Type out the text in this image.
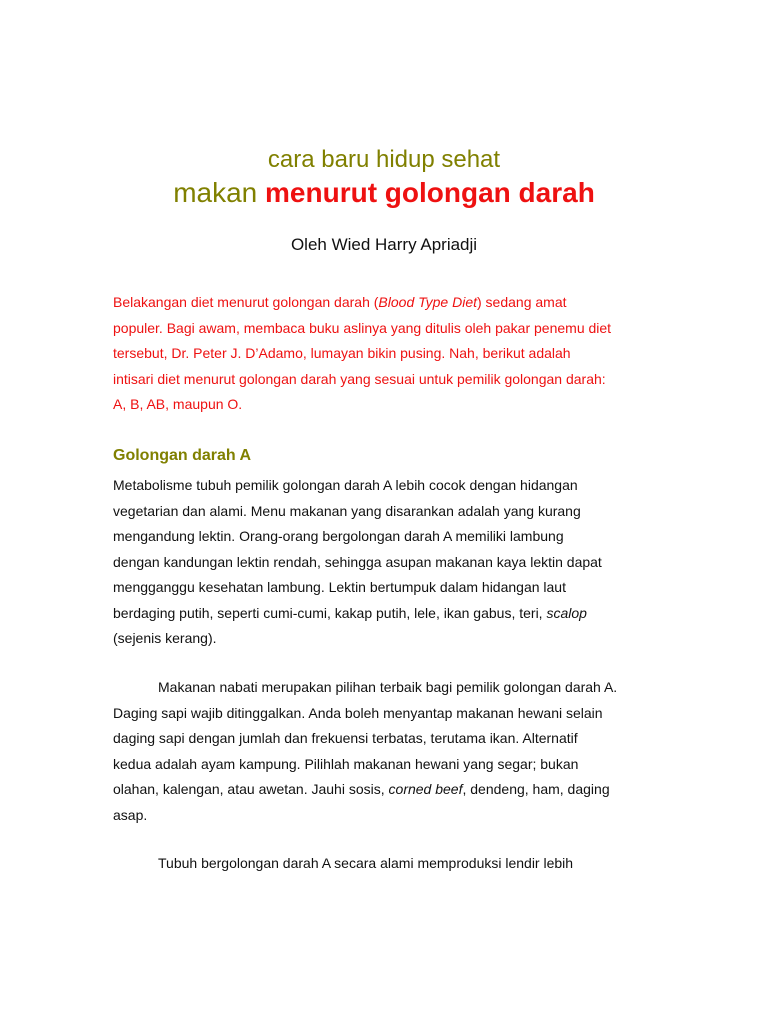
cara baru hidup sehat
makan menurut golongan darah
Oleh Wied Harry Apriadji
Belakangan diet menurut golongan darah (Blood Type Diet) sedang amat
populer. Bagi awam, membaca buku aslinya yang ditulis oleh pakar penemu diet
tersebut, Dr. Peter J. D’Adamo, lumayan bikin pusing. Nah, berikut adalah
intisari diet menurut golongan darah yang sesuai untuk pemilik golongan darah:
A, B, AB, maupun O.
Golongan darah A
Metabolisme tubuh pemilik golongan darah A lebih cocok dengan hidangan
vegetarian dan alami. Menu makanan yang disarankan adalah yang kurang
mengandung lektin. Orang-orang bergolongan darah A memiliki lambung
dengan kandungan lektin rendah, sehingga asupan makanan kaya lektin dapat
mengganggu kesehatan lambung. Lektin bertumpuk dalam hidangan laut
berdaging putih, seperti cumi-cumi, kakap putih, lele, ikan gabus, teri, scalop
(sejenis kerang).
Makanan nabati merupakan pilihan terbaik bagi pemilik golongan darah A.
Daging sapi wajib ditinggalkan. Anda boleh menyantap makanan hewani selain
daging sapi dengan jumlah dan frekuensi terbatas, terutama ikan. Alternatif
kedua adalah ayam kampung. Pilihlah makanan hewani yang segar; bukan
olahan, kalengan, atau awetan. Jauhi sosis, corned beef, dendeng, ham, daging
asap.
Tubuh bergolongan darah A secara alami memproduksi lendir lebih
